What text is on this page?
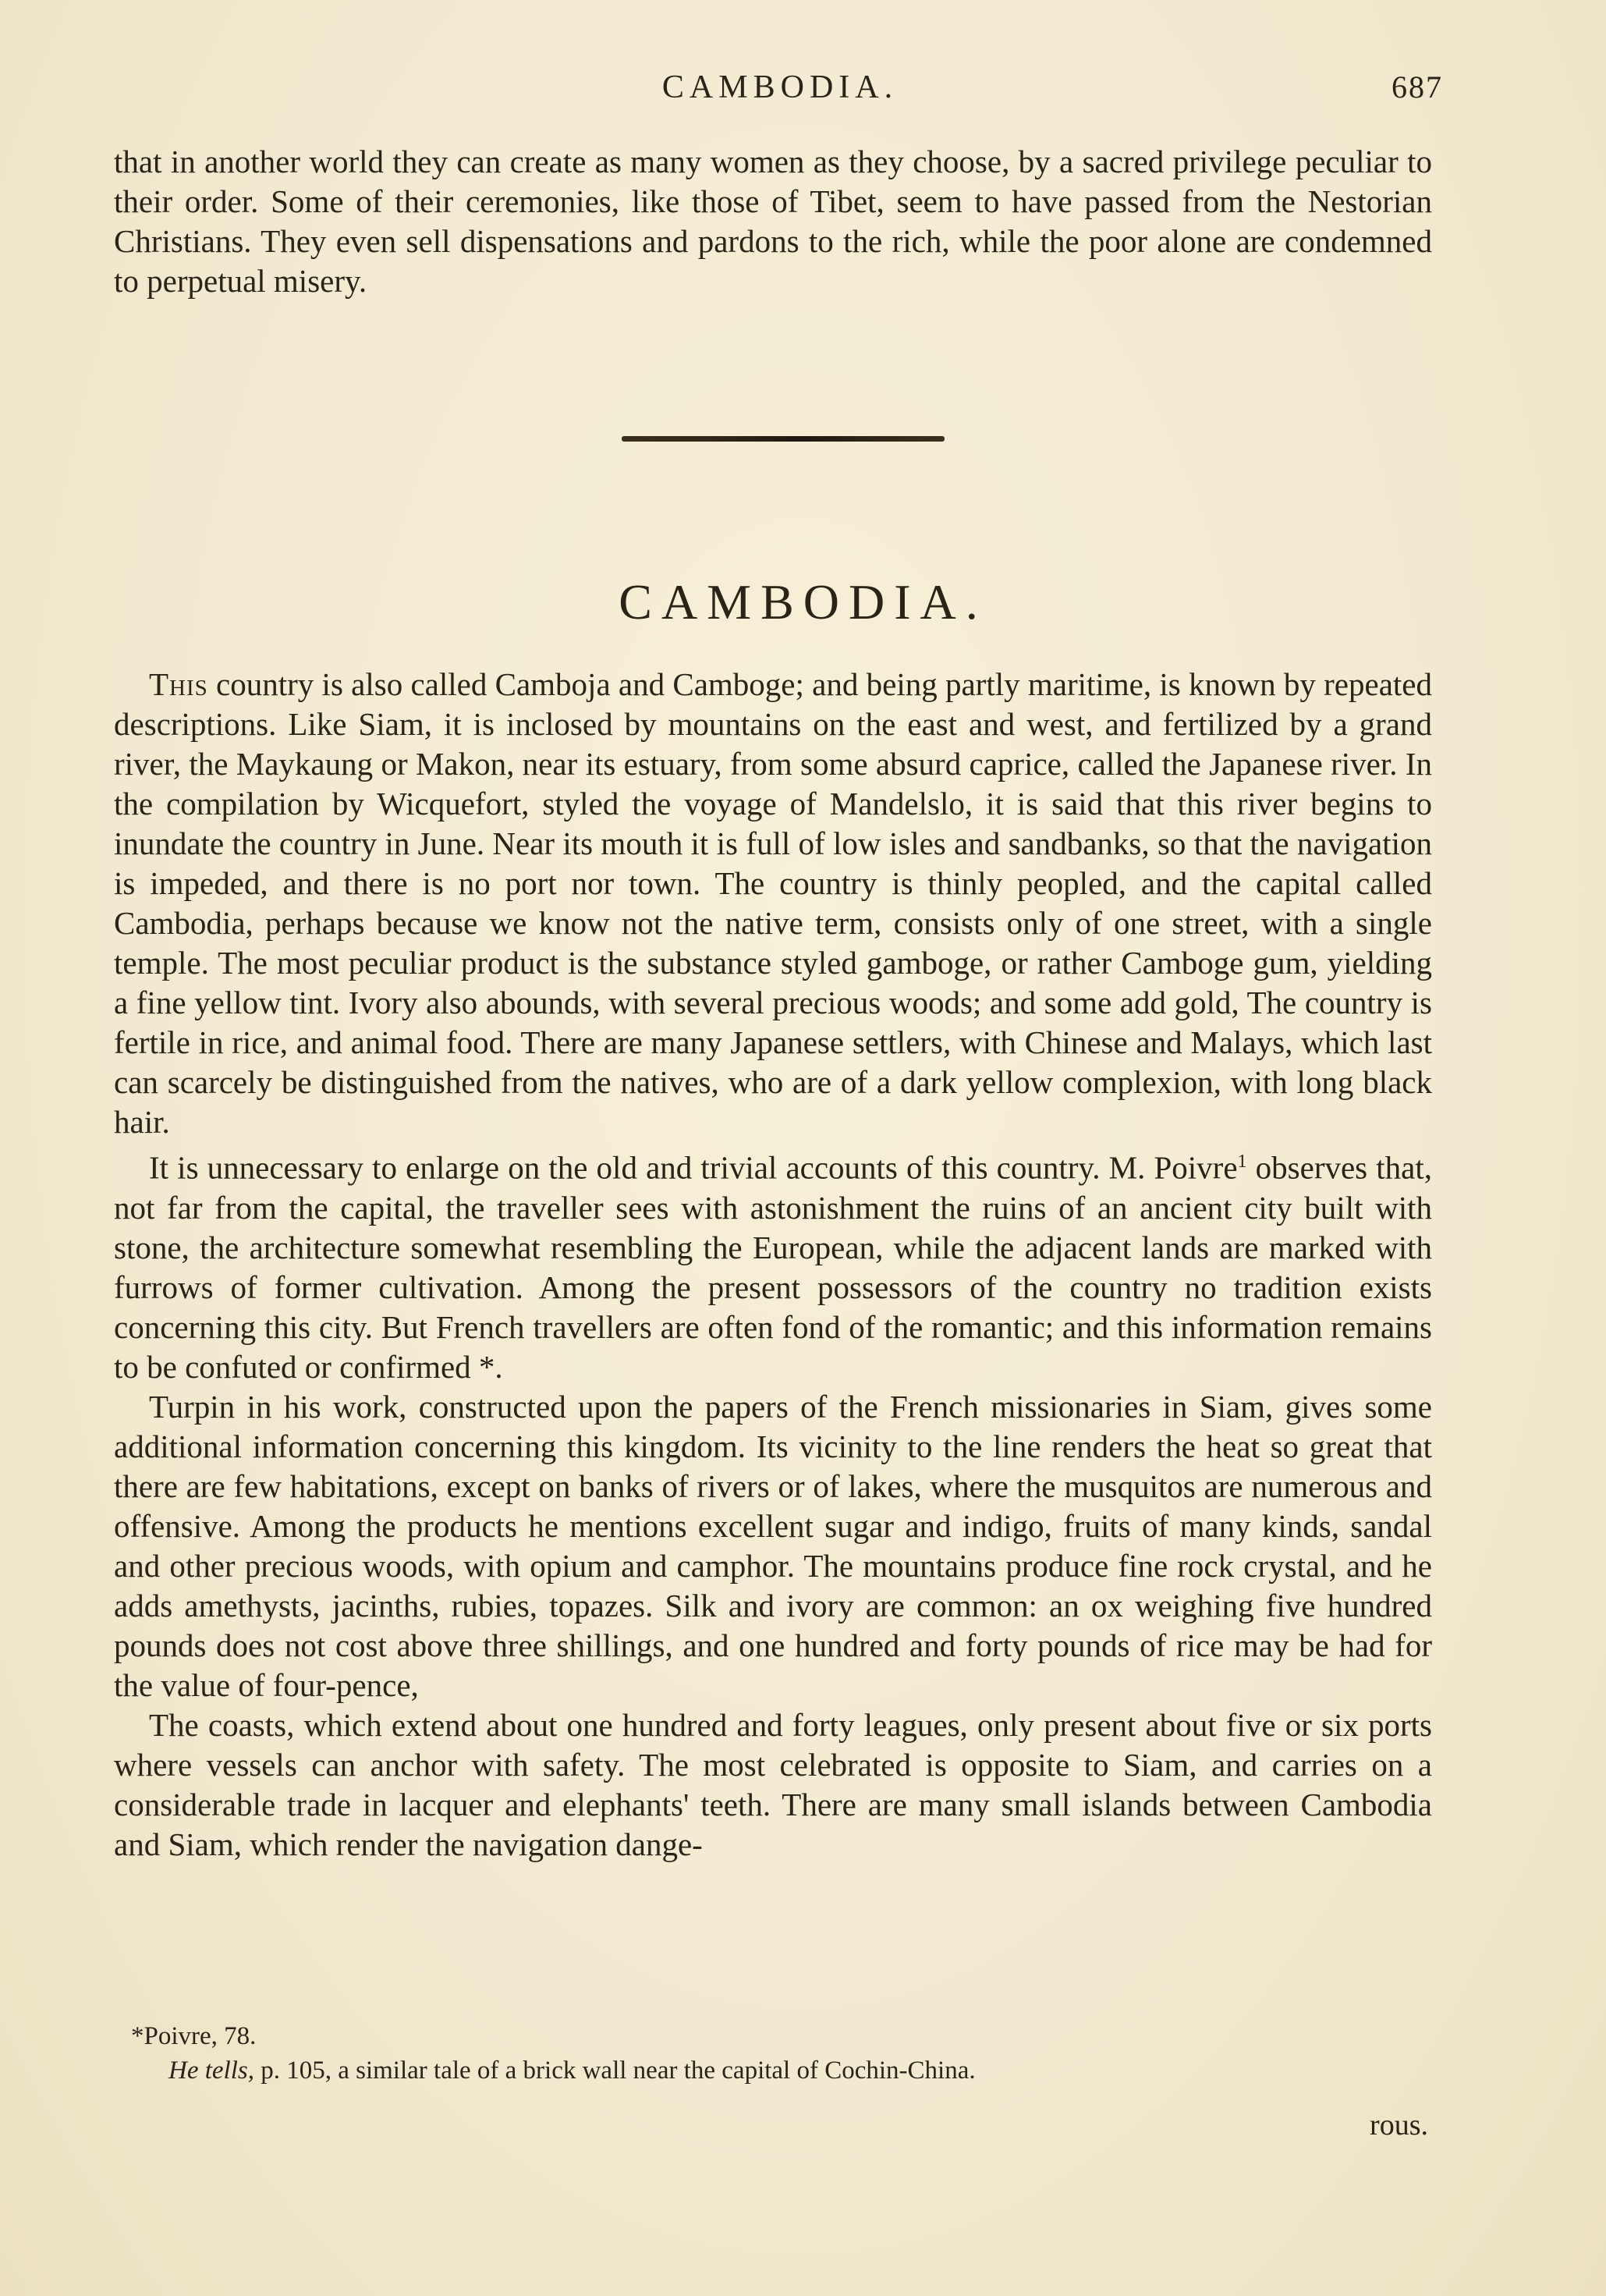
CAMBODIA.	687

that in another world they can create as many women as they choose, by a sacred privilege peculiar to their order. Some of their ceremonies, like those of Tibet, seem to have passed from the Nestorian Christians. They even sell dispensations and pardons to the rich, while the poor alone are condemned to perpetual misery.

CAMBODIA.

This country is also called Camboja and Camboge; and being partly maritime, is known by repeated descriptions. Like Siam, it is inclosed by mountains on the east and west, and fertilized by a grand river, the Maykaung or Makon, near its estuary, from some absurd caprice, called the Japanese river. In the compilation by Wicquefort, styled the voyage of Mandelslo, it is said that this river begins to inundate the country in June. Near its mouth it is full of low isles and sandbanks, so that the navigation is impeded, and there is no port nor town. The country is thinly peopled, and the capital called Cambodia, perhaps because we know not the native term, consists only of one street, with a single temple. The most peculiar product is the substance styled gamboge, or rather Camboge gum, yielding a fine yellow tint. Ivory also abounds, with several precious woods; and some add gold, The country is fertile in rice, and animal food. There are many Japanese settlers, with Chinese and Malays, which last can scarcely be distinguished from the natives, who are of a dark yellow complexion, with long black hair.

It is unnecessary to enlarge on the old and trivial accounts of this country. M. Poivre$^1$ observes that, not far from the capital, the traveller sees with astonishment the ruins of an ancient city built with stone, the architecture somewhat resembling the European, while the adjacent lands are marked with furrows of former cultivation. Among the present possessors of the country no tradition exists concerning this city. But French travellers are often fond of the romantic; and this information remains to be confuted or confirmed *.

Turpin in his work, constructed upon the papers of the French missionaries in Siam, gives some additional information concerning this kingdom. Its vicinity to the line renders the heat so great that there are few habitations, except on banks of rivers or of lakes, where the musquitos are numerous and offensive. Among the products he mentions excellent sugar and indigo, fruits of many kinds, sandal and other precious woods, with opium and camphor. The mountains produce fine rock crystal, and he adds amethysts, jacinths, rubies, topazes. Silk and ivory are common: an ox weighing five hundred pounds does not cost above three shillings, and one hundred and forty pounds of rice may be had for the value of four-pence,

The coasts, which extend about one hundred and forty leagues, only present about five or six ports where vessels can anchor with safety. The most celebrated is opposite to Siam, and carries on a considerable trade in lacquer and elephants' teeth. There are many small islands between Cambodia and Siam, which render the navigation dange-

*Poivre, 78.
He tells, p. 105, a similar tale of a brick wall near the capital of Cochin-China.
rous.
